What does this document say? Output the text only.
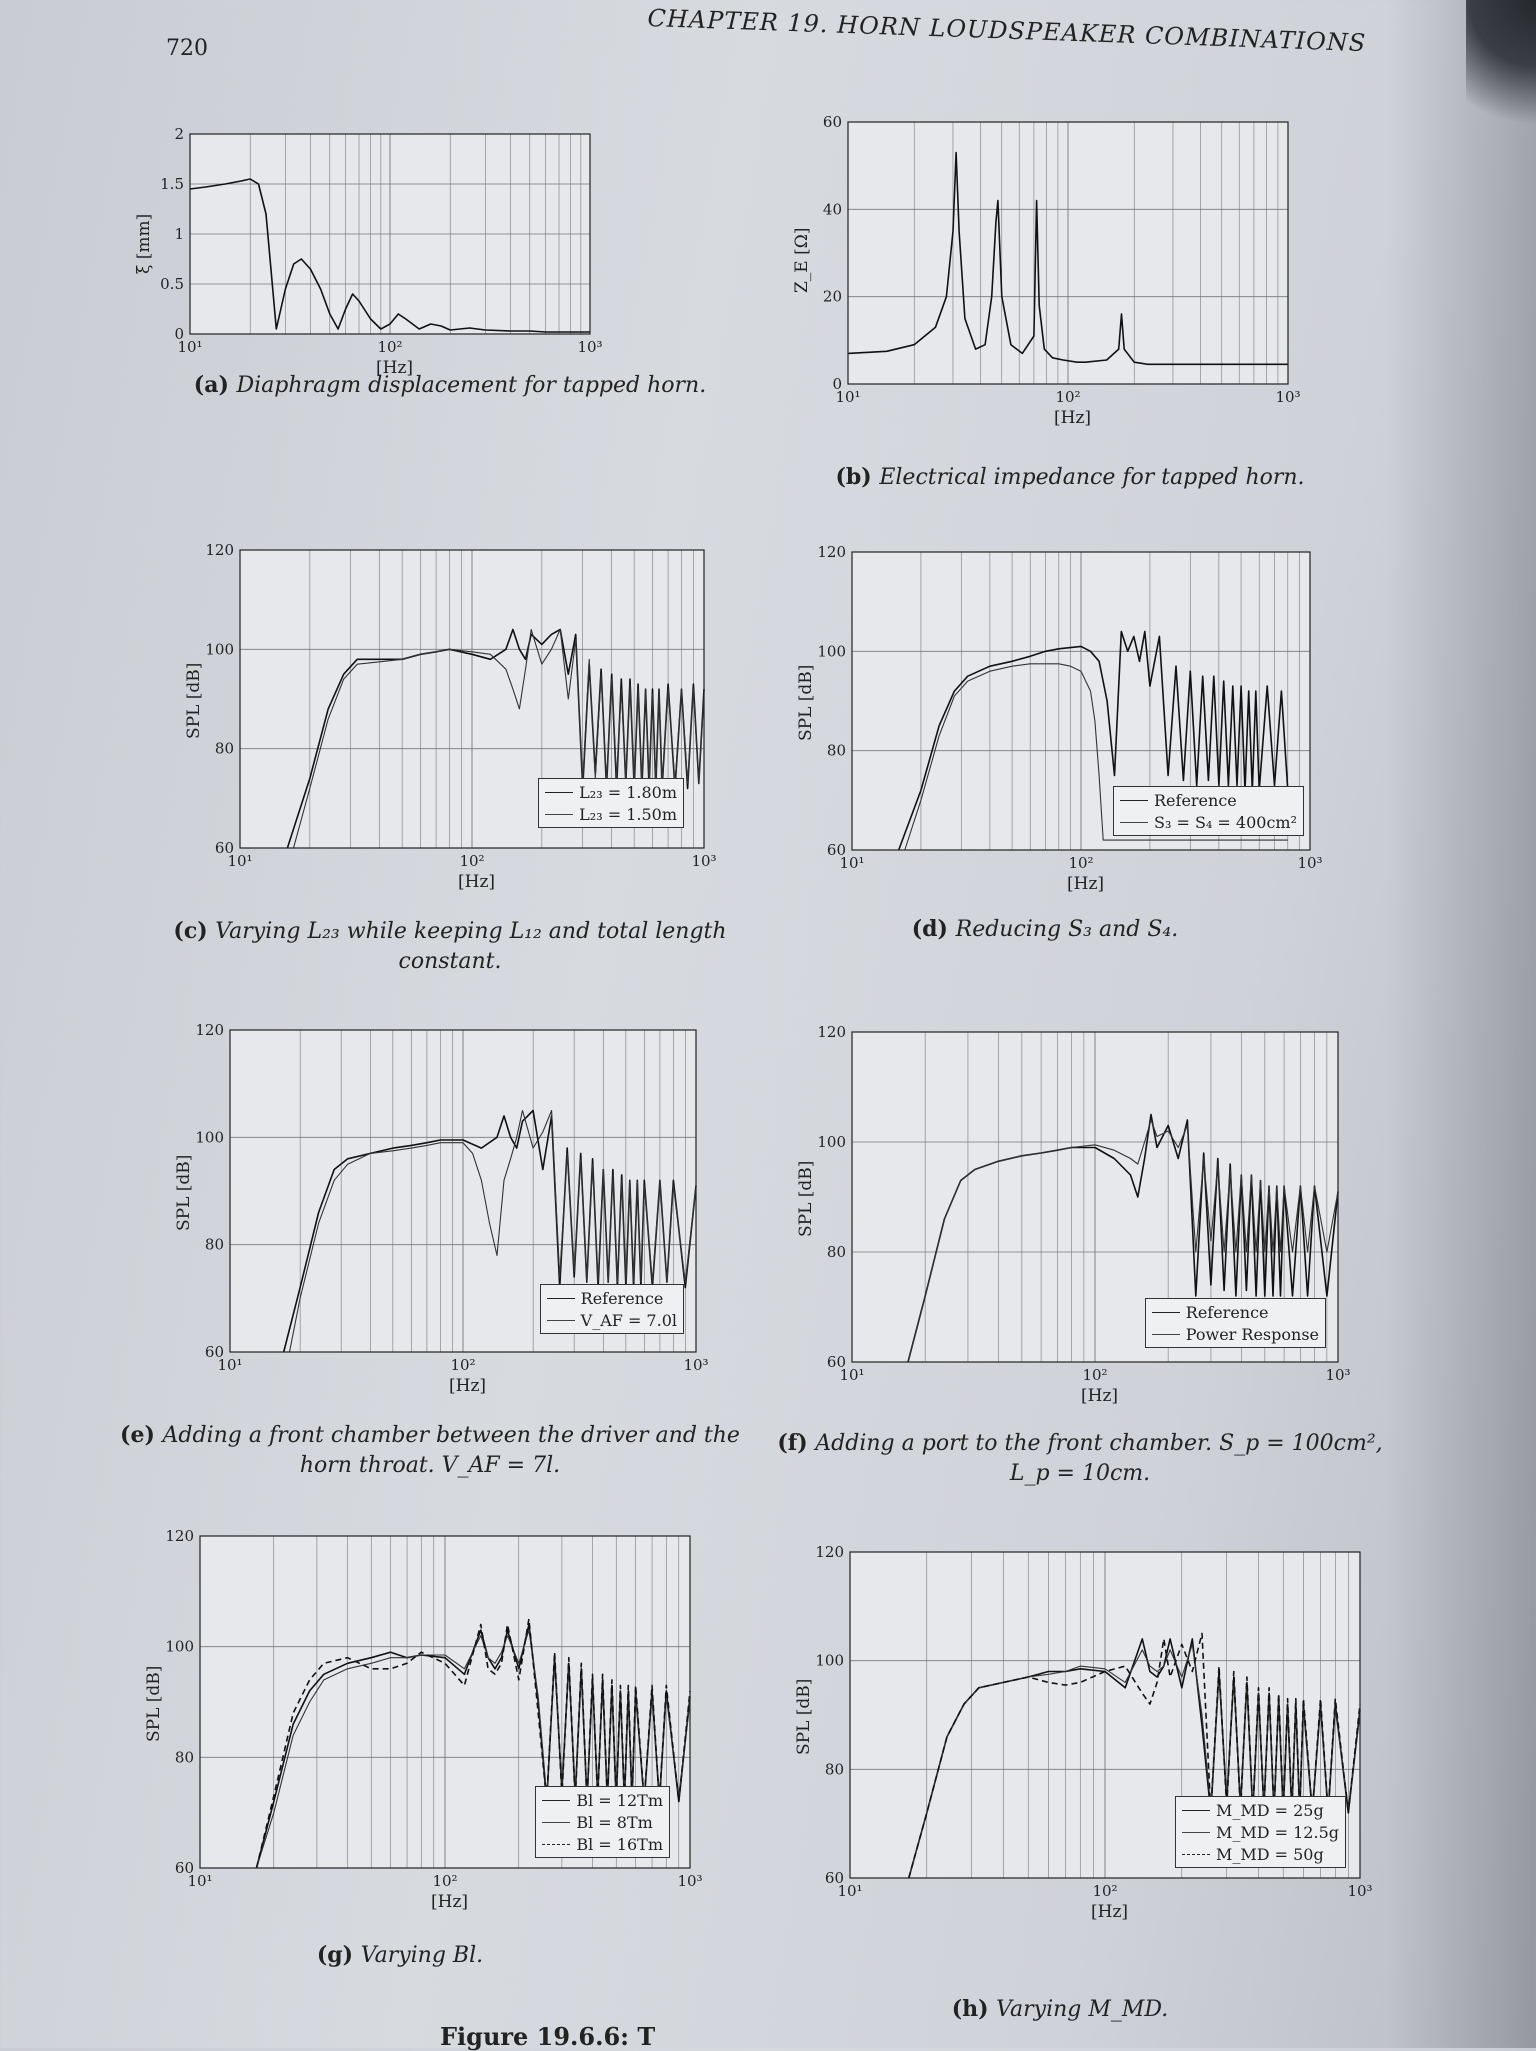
720	CHAPTER 19. HORN LOUDSPEAKER COMBINATIONS
0
0.5
1
1.5
2
10¹	10²	10³
ξ [mm]
[Hz]
(a) Diaphragm displacement for tapped horn.	0
20
40
60
10¹	10²	10³
Z_E [Ω]
[Hz]
(b) Electrical impedance for tapped horn.
60
80
100
120
10¹	10²	10³
SPL [dB]
[Hz]
L₂₃ = 1.80m
L₂₃ = 1.50m
(c) Varying L₂₃ while keeping L₁₂ and total length constant.
60
80
100
120
10¹	10²	10³
SPL [dB]
[Hz]
Reference
S₃ = S₄ = 400cm²
(d) Reducing S₃ and S₄.
60
80
100
120
10¹	10²	10³
SPL [dB]
[Hz]
Reference
V_AF = 7.0l
(e) Adding a front chamber between the driver and the horn throat. V_AF = 7l.
60
80
100
120
10¹	10²	10³
SPL [dB]
[Hz]
Reference
Power Response
(f) Adding a port to the front chamber. S_p = 100cm², L_p = 10cm.
60
80
100
120
10¹	10²	10³
SPL [dB]
[Hz]
Bl = 12Tm
Bl = 8Tm
Bl = 16Tm
(g) Varying Bl.
60
80
100
120
10¹	10²	10³
SPL [dB]
[Hz]
M_MD = 25g
M_MD = 12.5g
M_MD = 50g
(h) Varying M_MD.
Figure 19.6.6: T
